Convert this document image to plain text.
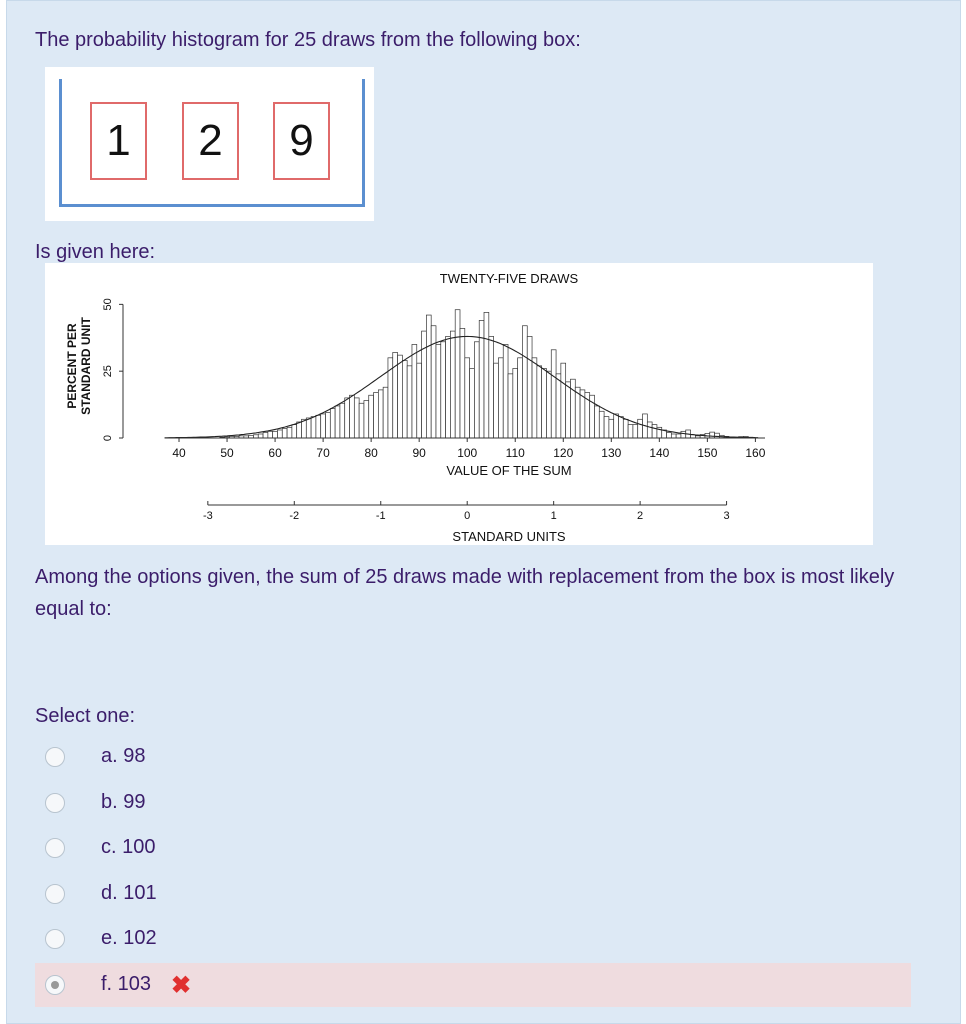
The probability histogram for 25 draws from the following box:
1	2	9
Is given here:
TWENTY-FIVE DRAWS
40	50	60	70	80	90	100 110 120 130 140 150 160
VALUE OF THE SUM
0
25
50
PERCENT PER STANDARD UNIT
-3	-2	-1	0	1	2	3
STANDARD UNITS
Among the options given, the sum of 25 draws made with replacement from the box is most likely equal to:
Select one:
a. 98
b. 99
c. 100
d. 101
e. 102
f. 103 ✖
